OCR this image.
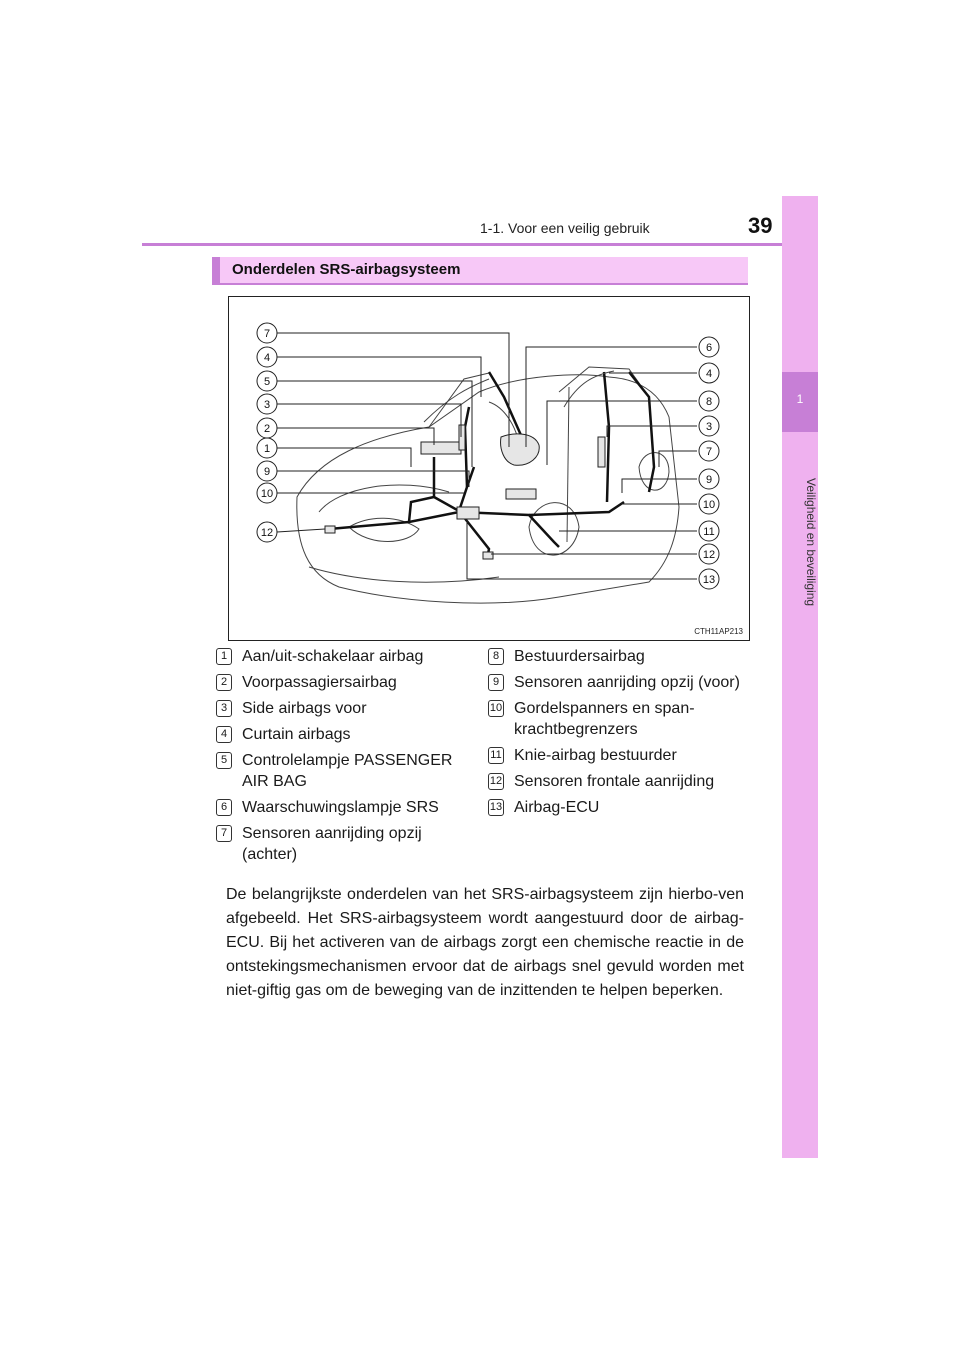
1-1. Voor een veilig gebruik	39
1
Veiligheid en beveiliging
Onderdelen SRS-airbagsysteem
7
4
5
3
2
1
9
10
12
6
4
8
3
7
9
10
11
12
13
CTH11AP213
1 Aan/uit-schakelaar airbag
2 Voorpassagiersairbag
3 Side airbags voor
4 Curtain airbags
5 Controlelampje PASSENGER AIR BAG
6 Waarschuwingslampje SRS
7 Sensoren aanrijding opzij (achter)
8 Bestuurdersairbag
9 Sensoren aanrijding opzij (voor)
10 Gordelspanners en span-krachtbegrenzers
11 Knie-airbag bestuurder
12 Sensoren frontale aanrijding
13 Airbag-ECU
De belangrijkste onderdelen van het SRS-airbagsysteem zijn hierbo-ven afgebeeld. Het SRS-airbagsysteem wordt aangestuurd door de airbag-ECU. Bij het activeren van de airbags zorgt een chemische reactie in de ontstekingsmechanismen ervoor dat de airbags snel gevuld worden met niet-giftig gas om de beweging van de inzittenden te helpen beperken.
